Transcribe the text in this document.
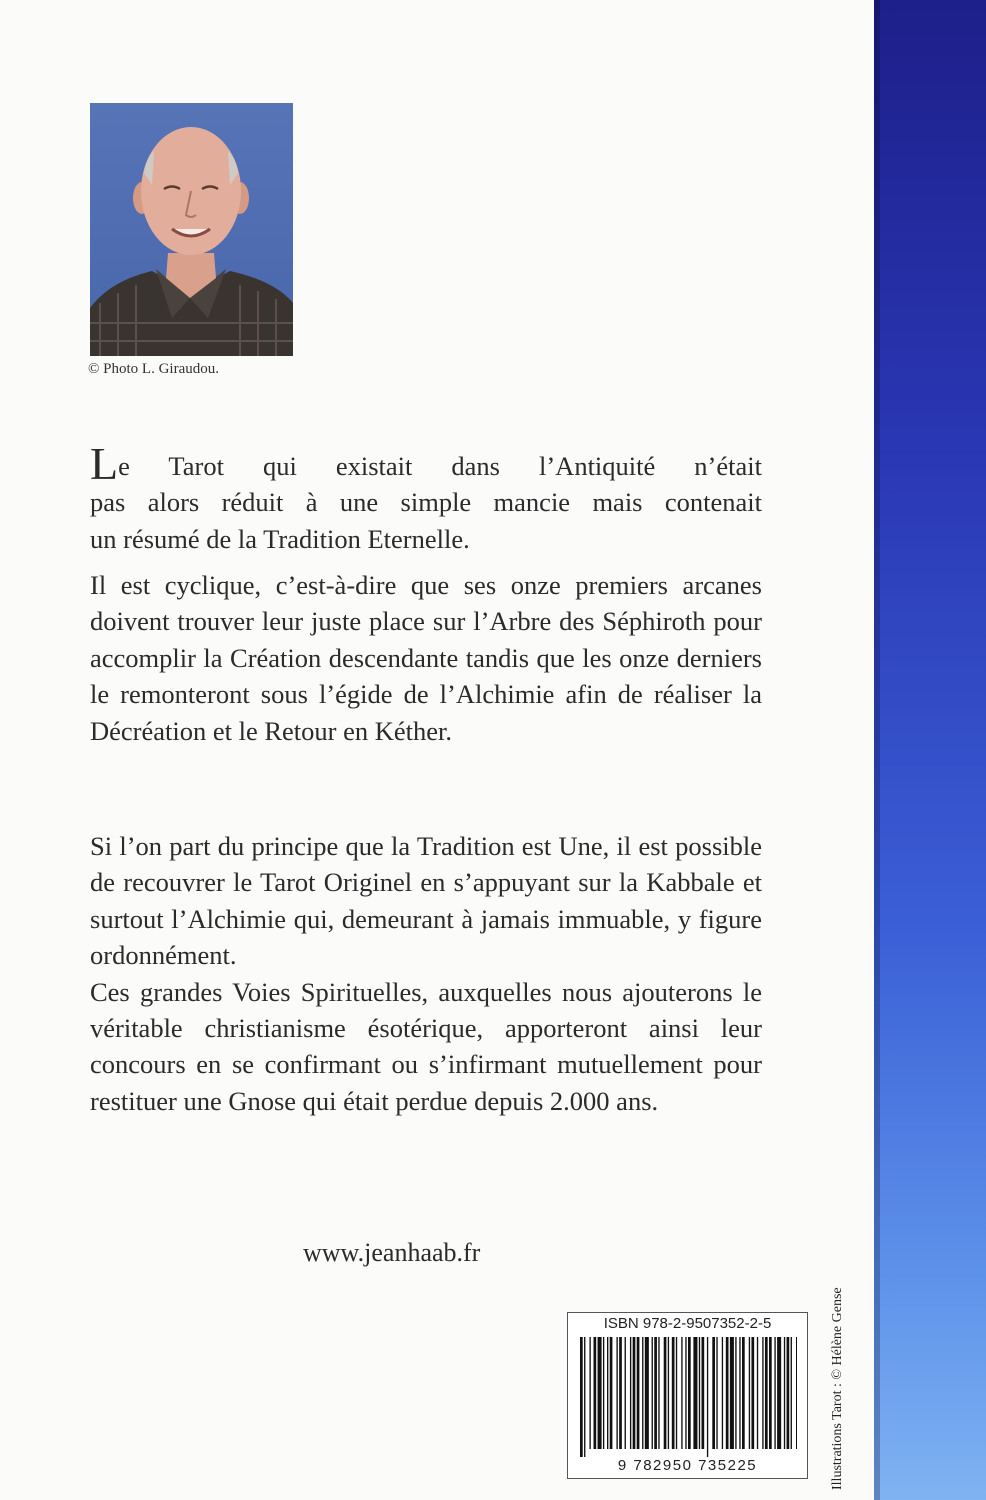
© Photo L. Giraudou.
Le Tarot qui existait dans l’Antiquité n’était
pas alors réduit à une simple mancie mais contenait
un résumé de la Tradition Eternelle.

Il est cyclique, c’est-à-dire que ses onze premiers arcanes doivent trouver leur juste place sur l’Arbre des Séphiroth pour accomplir la Création descendante tandis que les onze derniers le remonteront sous l’égide de l’Alchimie afin de réaliser la Décréation et le Retour en Kéther.

Si l’on part du principe que la Tradition est Une, il est possible de recouvrer le Tarot Originel en s’appuyant sur la Kabbale et surtout l’Alchimie qui, demeurant à jamais immuable, y figure ordonnément.

Ces grandes Voies Spirituelles, auxquelles nous ajouterons le véritable christianisme ésotérique, apporteront ainsi leur concours en se confirmant ou s’infirmant mutuellement pour restituer une Gnose qui était perdue depuis 2.000 ans.

www.jeanhaab.fr
ISBN 978-2-9507352-2-5
9 782950 735225	Illustrations Tarot : © Hélène Gense
